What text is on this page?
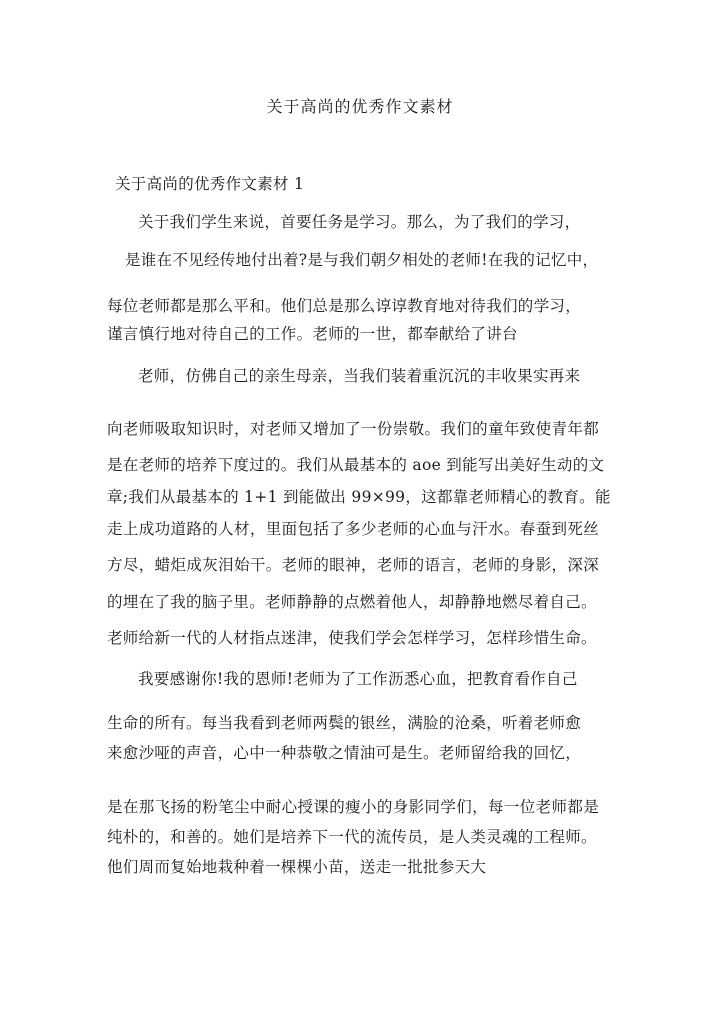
关于高尚的优秀作文素材
关于高尚的优秀作文素材 1
关于我们学生来说，首要任务是学习。那么，为了我们的学习，
是谁在不见经传地付出着?是与我们朝夕相处的老师!在我的记忆中，
每位老师都是那么平和。他们总是那么谆谆教育地对待我们的学习，
谨言慎行地对待自己的工作。老师的一世，都奉献给了讲台
老师，仿佛自己的亲生母亲，当我们装着重沉沉的丰收果实再来
向老师吸取知识时，对老师又增加了一份崇敬。我们的童年致使青年都
是在老师的培养下度过的。我们从最基本的 aoe 到能写出美好生动的文
章;我们从最基本的 1+1 到能做出 99×99，这都靠老师精心的教育。能
走上成功道路的人材，里面包括了多少老师的心血与汗水。春蚕到死丝
方尽，蜡炬成灰泪始干。老师的眼神，老师的语言，老师的身影，深深
的埋在了我的脑子里。老师静静的点燃着他人，却静静地燃尽着自己。
老师给新一代的人材指点迷津，使我们学会怎样学习，怎样珍惜生命。
我要感谢你!我的恩师!老师为了工作沥悉心血，把教育看作自己
生命的所有。每当我看到老师两鬓的银丝，满脸的沧桑，听着老师愈
来愈沙哑的声音，心中一种恭敬之情油可是生。老师留给我的回忆，
是在那飞扬的粉笔尘中耐心授课的瘦小的身影同学们，每一位老师都是
纯朴的，和善的。她们是培养下一代的流传员，是人类灵魂的工程师。
他们周而复始地栽种着一棵棵小苗，送走一批批参天大
